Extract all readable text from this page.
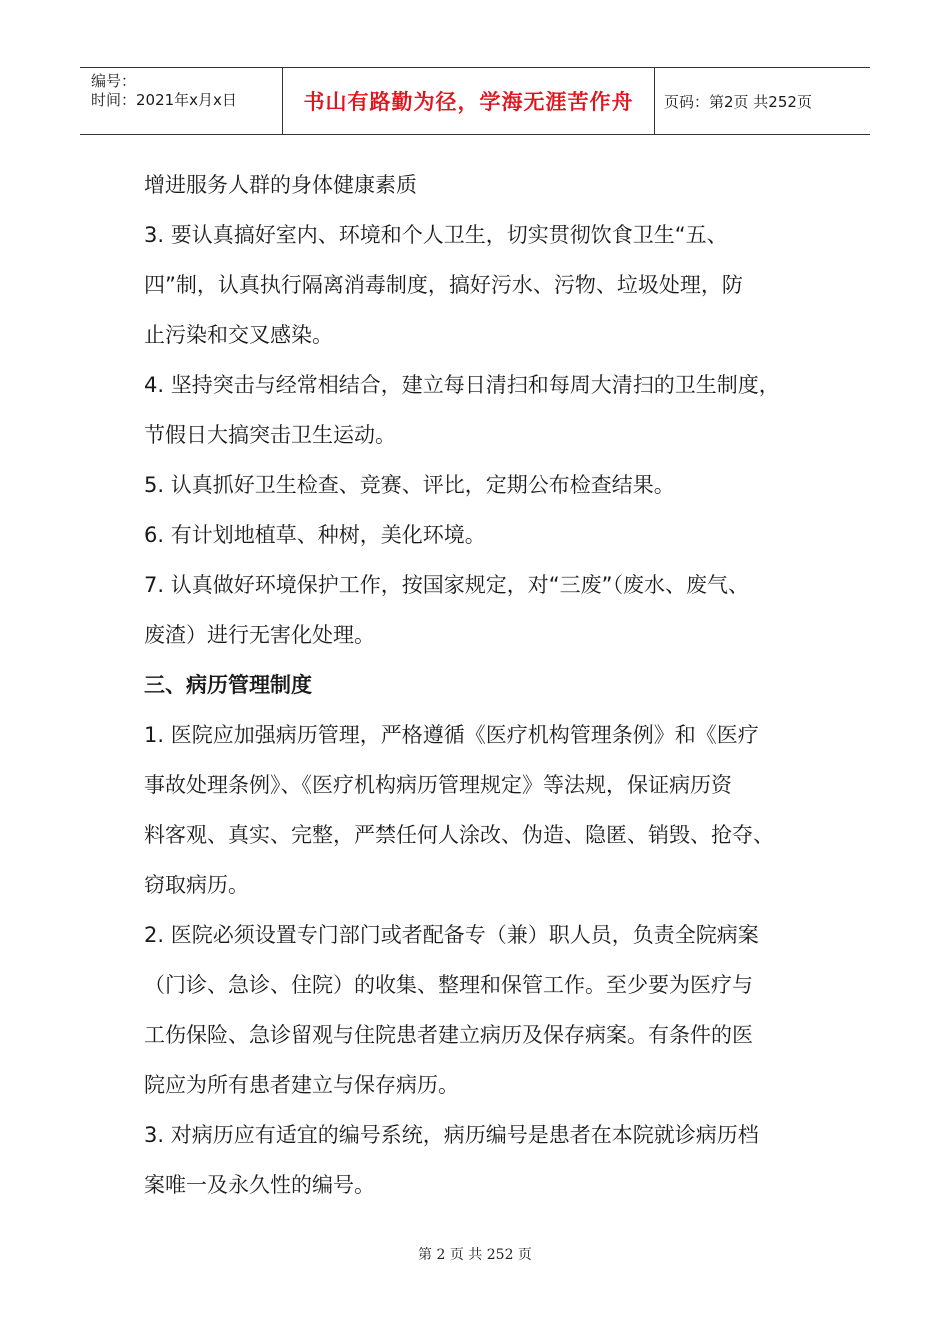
编号：
时间：2021年x月x日	书山有路勤为径，学海无涯苦作舟 页码：第2页 共252页
增进服务人群的身体健康素质
3. 要认真搞好室内、环境和个人卫生，切实贯彻饮食卫生“五、
四”制，认真执行隔离消毒制度，搞好污水、污物、垃圾处理，防
止污染和交叉感染。
4. 坚持突击与经常相结合，建立每日清扫和每周大清扫的卫生制度，
节假日大搞突击卫生运动。
5. 认真抓好卫生检查、竞赛、评比，定期公布检查结果。
6. 有计划地植草、种树，美化环境。
7. 认真做好环境保护工作，按国家规定，对“三废”（废水、废气、
废渣）进行无害化处理。
三、病历管理制度
1. 医院应加强病历管理，严格遵循《医疗机构管理条例》和《医疗
事故处理条例》、《医疗机构病历管理规定》等法规，保证病历资
料客观、真实、完整，严禁任何人涂改、伪造、隐匿、销毁、抢夺、
窃取病历。
2. 医院必须设置专门部门或者配备专（兼）职人员，负责全院病案
（门诊、急诊、住院）的收集、整理和保管工作。至少要为医疗与
工伤保险、急诊留观与住院患者建立病历及保存病案。有条件的医
院应为所有患者建立与保存病历。
3. 对病历应有适宜的编号系统，病历编号是患者在本院就诊病历档
案唯一及永久性的编号。
第 2 页 共 252 页
